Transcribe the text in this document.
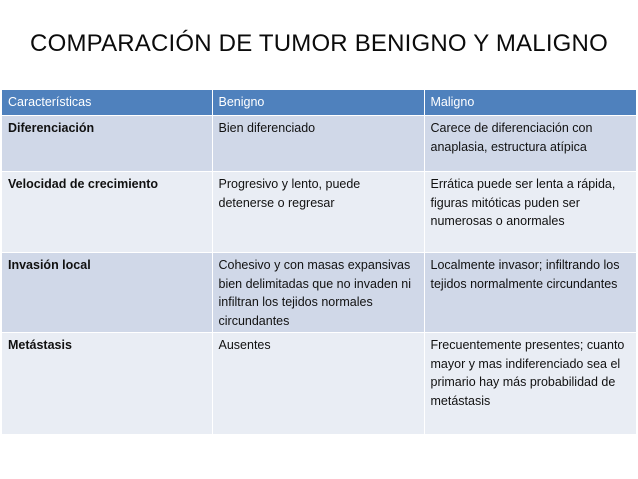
COMPARACIÓN DE TUMOR BENIGNO Y MALIGNO
Características	Benigno	Maligno
Diferenciación	Bien diferenciado	Carece de diferenciación con anaplasia, estructura atípica
Velocidad de crecimiento	Progresivo y lento, puede detenerse o regresar	Errática puede ser lenta a rápida, figuras mitóticas puden ser numerosas o anormales
Invasión local	Cohesivo y con masas expansivas bien delimitadas que no invaden ni infiltran los tejidos normales circundantes	Localmente invasor; infiltrando los tejidos normalmente circundantes
Metástasis	Ausentes	Frecuentemente presentes; cuanto mayor y mas indiferenciado sea el primario hay más probabilidad de metástasis
